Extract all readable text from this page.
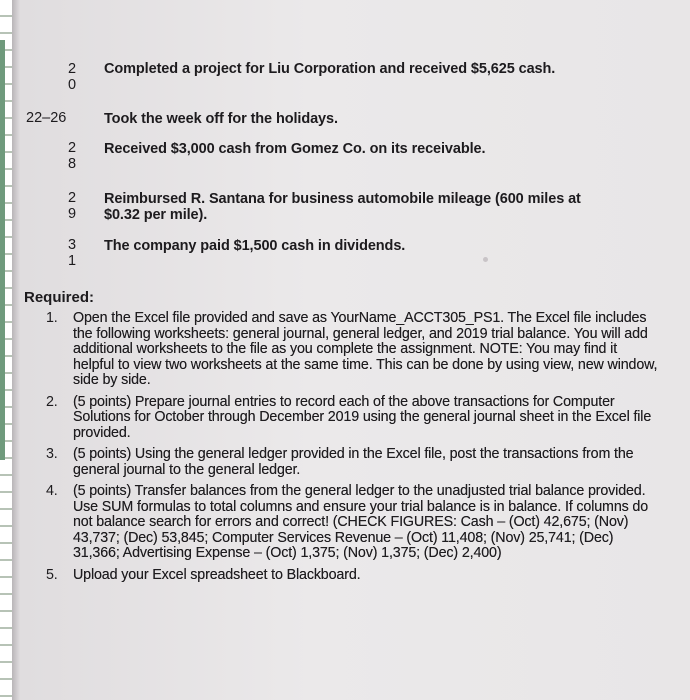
2
0
Completed a project for Liu Corporation and received $5,625 cash.
22–26	Took the week off for the holidays.
2
8
Received $3,000 cash from Gomez Co. on its receivable.
2
9
Reimbursed R. Santana for business automobile mileage (600 miles at
$0.32 per mile).
3
1
The company paid $1,500 cash in dividends.
Required:
1. Open the Excel file provided and save as YourName_ACCT305_PS1. The Excel file includes the following worksheets: general journal, general ledger, and 2019 trial balance. You will add additional worksheets to the file as you complete the assignment. NOTE: You may find it helpful to view two worksheets at the same time. This can be done by using view, new window, side by side.
2. (5 points) Prepare journal entries to record each of the above transactions for Computer Solutions for October through December 2019 using the general journal sheet in the Excel file provided.
3. (5 points) Using the general ledger provided in the Excel file, post the transactions from the general journal to the general ledger.
4. (5 points) Transfer balances from the general ledger to the unadjusted trial balance provided. Use SUM formulas to total columns and ensure your trial balance is in balance. If columns do not balance search for errors and correct! (CHECK FIGURES: Cash – (Oct) 42,675; (Nov) 43,737; (Dec) 53,845; Computer Services Revenue – (Oct) 11,408; (Nov) 25,741; (Dec) 31,366; Advertising Expense – (Oct) 1,375; (Nov) 1,375; (Dec) 2,400)
5. Upload your Excel spreadsheet to Blackboard.
